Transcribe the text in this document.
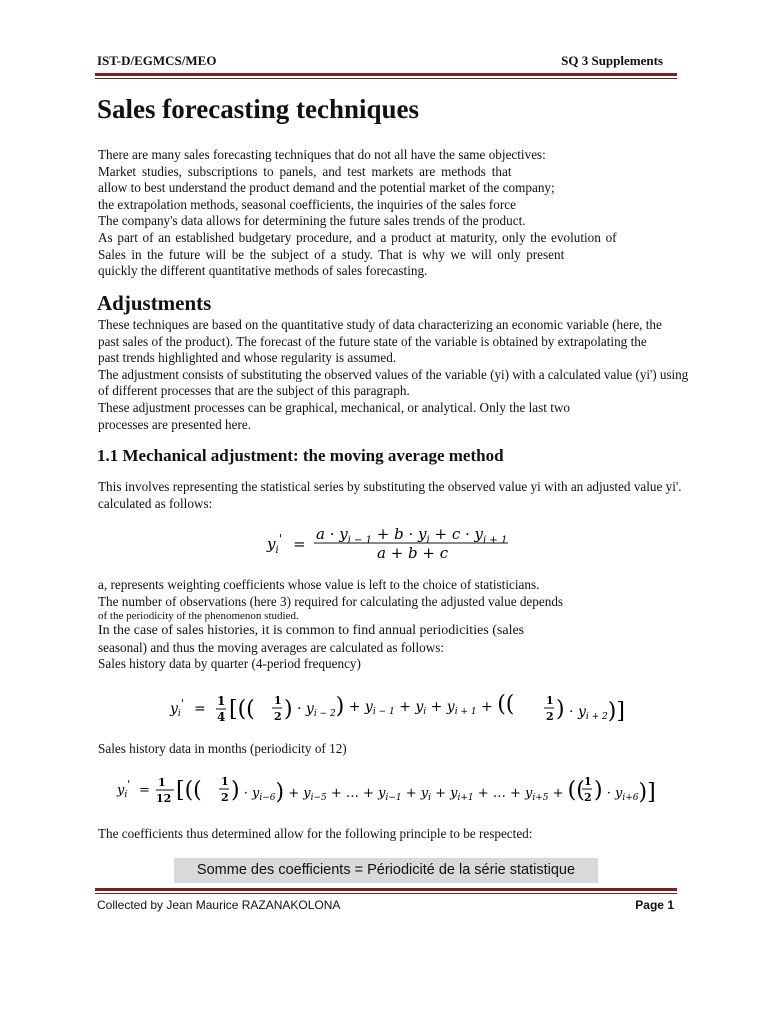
IST-D/EGMCS/MEO	SQ 3 Supplements
Sales forecasting techniques
There are many sales forecasting techniques that do not all have the same objectives:
Market studies, subscriptions to panels, and test markets are methods that
allow to best understand the product demand and the potential market of the company;
the extrapolation methods, seasonal coefficients, the inquiries of the sales force
The company's data allows for determining the future sales trends of the product.
As part of an established budgetary procedure, and a product at maturity, only the evolution of
Sales in the future will be the subject of a study. That is why we will only present
quickly the different quantitative methods of sales forecasting.
Adjustments
These techniques are based on the quantitative study of data characterizing an economic variable (here, the
past sales of the product). The forecast of the future state of the variable is obtained by extrapolating the
past trends highlighted and whose regularity is assumed.
The adjustment consists of substituting the observed values of the variable (yi) with a calculated value (yi') using
of different processes that are the subject of this paragraph.
These adjustment processes can be graphical, mechanical, or analytical. Only the last two
processes are presented here.
1.1 Mechanical adjustment: the moving average method
This involves representing the statistical series by substituting the observed value yi with an adjusted value yi'.
calculated as follows:
$y_i'$ =
$a \cdot y_{i - 1} + b \cdot y_i + c \cdot y_{i + 1}$
a + b + c
a, represents weighting coefficients whose value is left to the choice of statisticians.
The number of observations (here 3) required for calculating the adjusted value depends
of the periodicity of the phenomenon studied.
In the case of sales histories, it is common to find annual periodicities (sales
seasonal) and thus the moving averages are calculated as follows:
Sales history data by quarter (4-period frequency)
$y_i' = 1$
4 [(( 1
2 ) · $y_{i - 2}) + y_{i - 1} + y_i + y_{i + 1}$ + ((	1
2 ) · $y_{i + 2}$)]
Sales history data in months (periodicity of 12)
$y_i'$ =
1
12 [(( 1
2 ) · $y_{i-6}) + y_{i-5}$ + … + $y_{i-1} + y_i + y_{i+1}$ + … + $y_{i+5}$ + (( 1
2 ) · $y_{i+6}$)]
The coefficients thus determined allow for the following principle to be respected:
Somme des coefficients = Périodicité de la série statistique
Collected by Jean Maurice RAZANAKOLONA	Page 1
